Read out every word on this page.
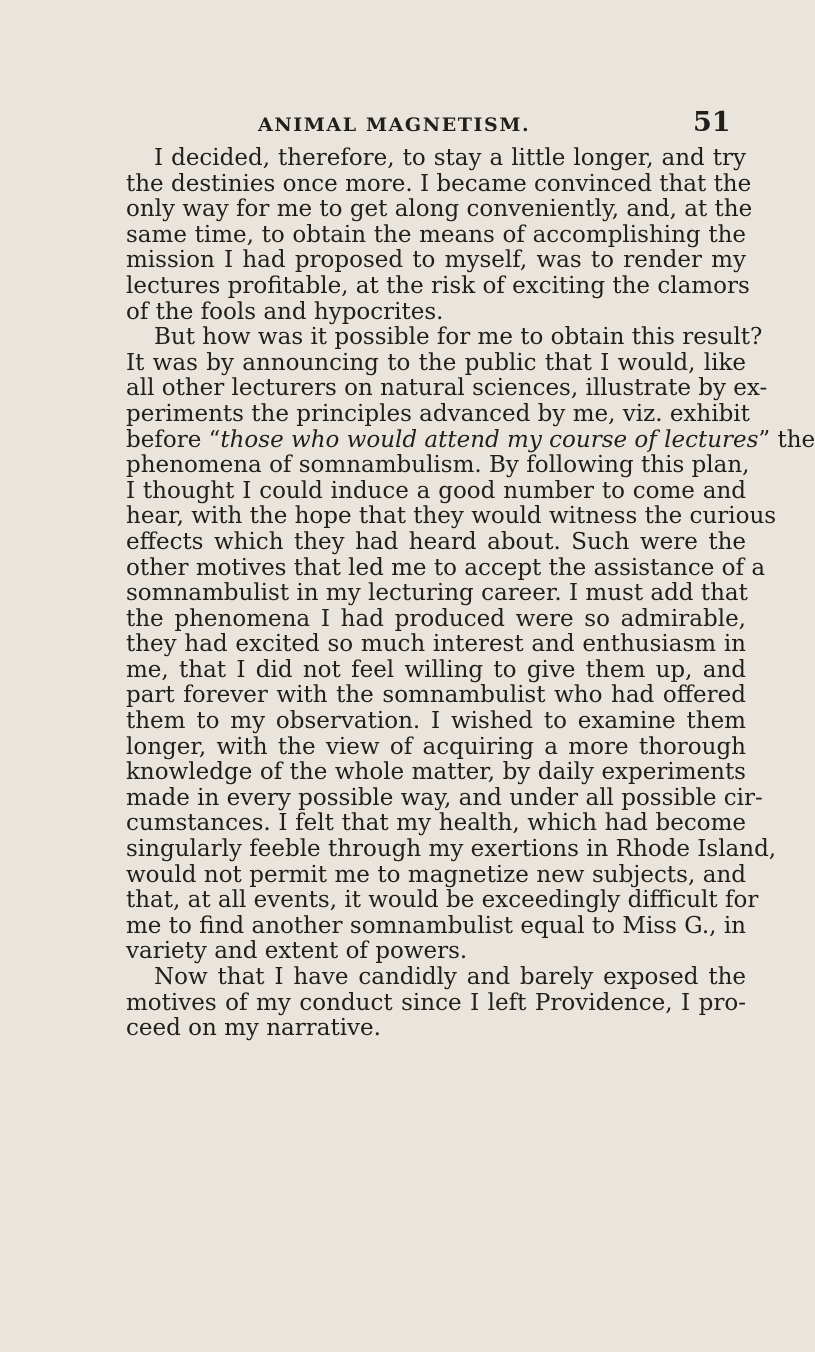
ANIMAL MAGNETISM.	51
I decided, therefore, to stay a little longer, and try
the destinies once more. I became convinced that the
only way for me to get along conveniently, and, at the
same time, to obtain the means of accomplishing the
mission I had proposed to myself, was to render my
lectures profitable, at the risk of exciting the clamors
of the fools and hypocrites.
But how was it possible for me to obtain this result?
It was by announcing to the public that I would, like
all other lecturers on natural sciences, illustrate by ex-
periments the principles advanced by me, viz. exhibit
before “those who would attend my course of lectures” the
phenomena of somnambulism. By following this plan,
I thought I could induce a good number to come and
hear, with the hope that they would witness the curious
effects which they had heard about. Such were the
other motives that led me to accept the assistance of a
somnambulist in my lecturing career. I must add that
the phenomena I had produced were so admirable,
they had excited so much interest and enthusiasm in
me, that I did not feel willing to give them up, and
part forever with the somnambulist who had offered
them to my observation. I wished to examine them
longer, with the view of acquiring a more thorough
knowledge of the whole matter, by daily experiments
made in every possible way, and under all possible cir-
cumstances. I felt that my health, which had become
singularly feeble through my exertions in Rhode Island,
would not permit me to magnetize new subjects, and
that, at all events, it would be exceedingly difficult for
me to find another somnambulist equal to Miss G., in
variety and extent of powers.
Now that I have candidly and barely exposed the
motives of my conduct since I left Providence, I pro-
ceed on my narrative.
